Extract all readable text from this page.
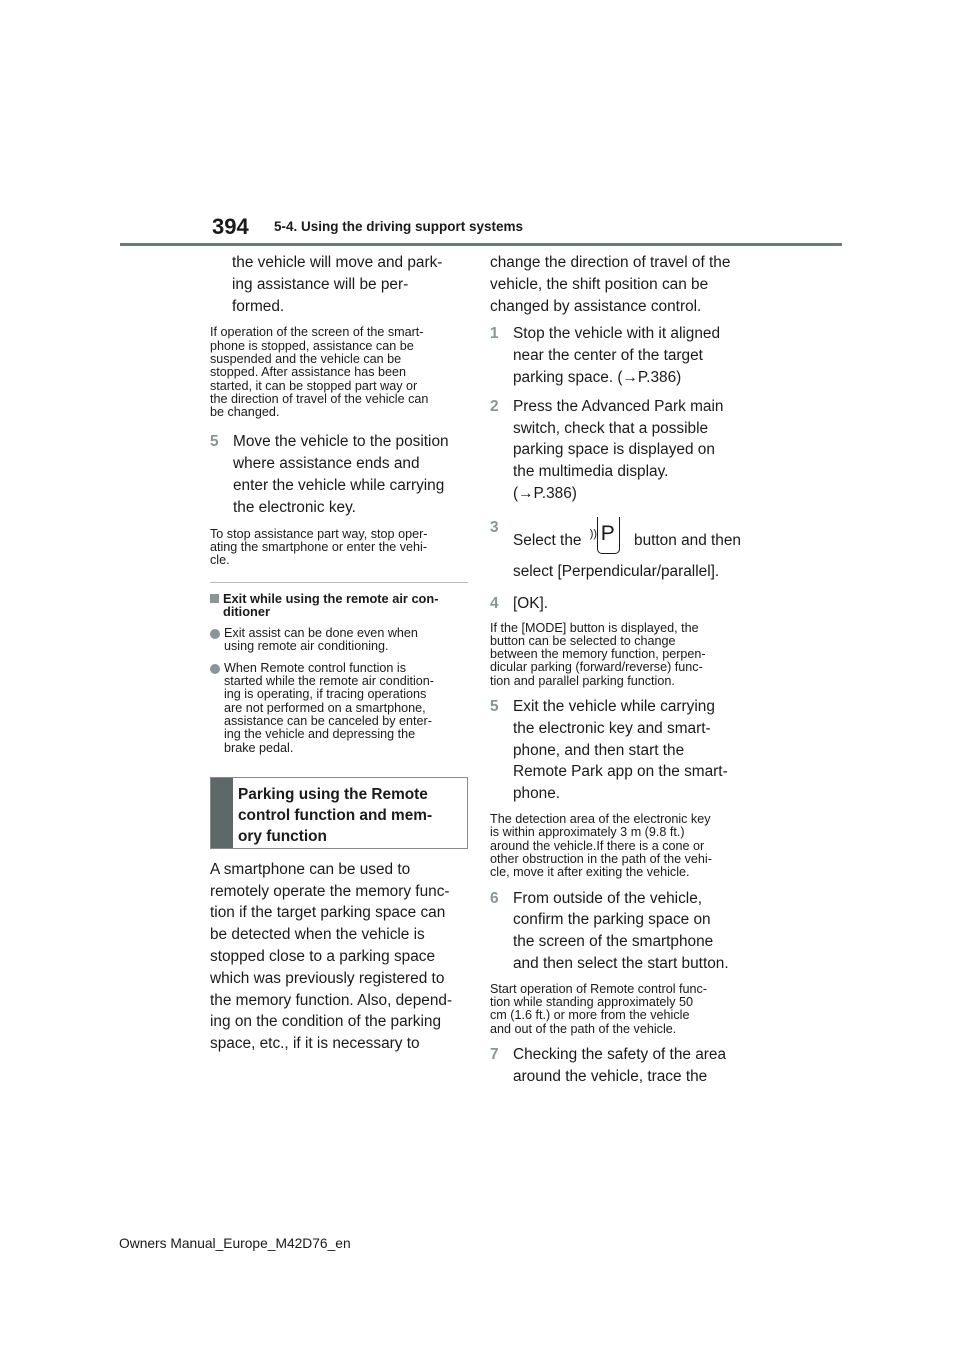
394 5-4. Using the driving support systems

the vehicle will move and park-
ing assistance will be per-
formed.

If operation of the screen of the smart-
phone is stopped, assistance can be
suspended and the vehicle can be
stopped. After assistance has been
started, it can be stopped part way or
the direction of travel of the vehicle can
be changed.

5 Move the vehicle to the position
where assistance ends and
enter the vehicle while carrying
the electronic key.

To stop assistance part way, stop oper-
ating the smartphone or enter the vehi-
cle.

Exit while using the remote air con-
ditioner
Exit assist can be done even when
using remote air conditioning.
When Remote control function is
started while the remote air condition-
ing is operating, if tracing operations
are not performed on a smartphone,
assistance can be canceled by enter-
ing the vehicle and depressing the
brake pedal.
Parking using the Remote
control function and mem-
ory function

A smartphone can be used to
remotely operate the memory func-
tion if the target parking space can
be detected when the vehicle is
stopped close to a parking space
which was previously registered to
the memory function. Also, depend-
ing on the condition of the parking
space, etc., if it is necessary to

change the direction of travel of the
vehicle, the shift position can be
changed by assistance control.

1 Stop the vehicle with it aligned
near the center of the target
parking space. (→P.386)
2 Press the Advanced Park main
switch, check that a possible
parking space is displayed on
the multimedia display.
(→P.386)
3
Select the )) P button and then
select [Perpendicular/parallel].
4 [OK].

If the [MODE] button is displayed, the
button can be selected to change
between the memory function, perpen-
dicular parking (forward/reverse) func-
tion and parallel parking function.

5 Exit the vehicle while carrying
the electronic key and smart-
phone, and then start the
Remote Park app on the smart-
phone.

The detection area of the electronic key
is within approximately 3 m (9.8 ft.)
around the vehicle.If there is a cone or
other obstruction in the path of the vehi-
cle, move it after exiting the vehicle.

6 From outside of the vehicle,
confirm the parking space on
the screen of the smartphone
and then select the start button.

Start operation of Remote control func-
tion while standing approximately 50
cm (1.6 ft.) or more from the vehicle
and out of the path of the vehicle.

7 Checking the safety of the area
around the vehicle, trace the
Owners Manual_Europe_M42D76_en
